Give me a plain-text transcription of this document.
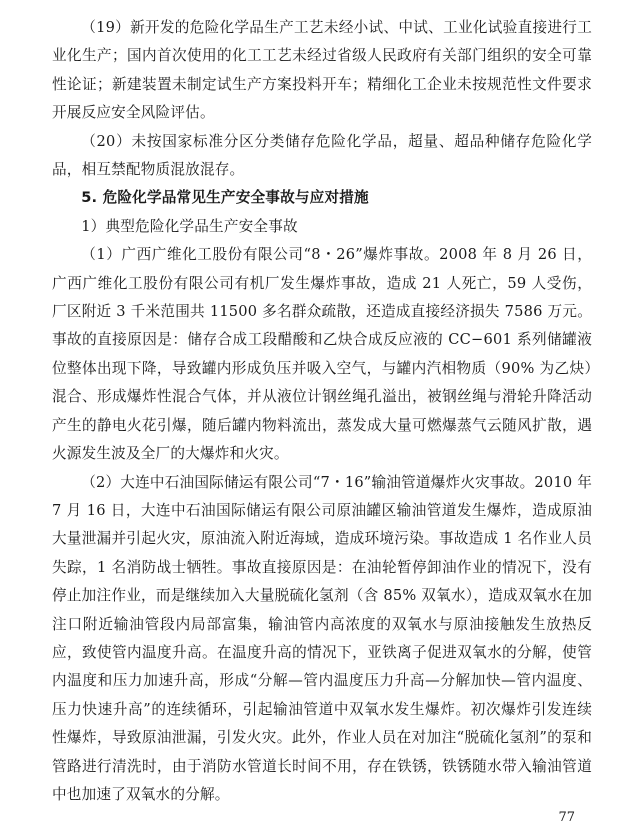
（19）新开发的危险化学品生产工艺未经小试、中试、工业化试验直接进行工业化生产；国内首次使用的化工工艺未经过省级人民政府有关部门组织的安全可靠性论证；新建装置未制定试生产方案投料开车；精细化工企业未按规范性文件要求开展反应安全风险评估。

（20）未按国家标准分区分类储存危险化学品，超量、超品种储存危险化学品，相互禁配物质混放混存。

5. 危险化学品常见生产安全事故与应对措施

1）典型危险化学品生产安全事故

（1）广西广维化工股份有限公司“8・26”爆炸事故。2008 年 8 月 26 日，广西广维化工股份有限公司有机厂发生爆炸事故，造成 21 人死亡，59 人受伤，厂区附近 3 千米范围共 11500 多名群众疏散，还造成直接经济损失 7586 万元。事故的直接原因是：储存合成工段醋酸和乙炔合成反应液的 CC−601 系列储罐液位整体出现下降，导致罐内形成负压并吸入空气，与罐内汽相物质（90% 为乙炔）混合、形成爆炸性混合气体，并从液位计钢丝绳孔溢出，被钢丝绳与滑轮升降活动产生的静电火花引爆，随后罐内物料流出，蒸发成大量可燃爆蒸气云随风扩散，遇火源发生波及全厂的大爆炸和火灾。

（2）大连中石油国际储运有限公司“7・16”输油管道爆炸火灾事故。2010 年 7 月 16 日，大连中石油国际储运有限公司原油罐区输油管道发生爆炸，造成原油大量泄漏并引起火灾，原油流入附近海域，造成环境污染。事故造成 1 名作业人员失踪，1 名消防战士牺牲。事故直接原因是：在油轮暂停卸油作业的情况下，没有停止加注作业，而是继续加入大量脱硫化氢剂（含 85% 双氧水），造成双氧水在加注口附近输油管段内局部富集，输油管内高浓度的双氧水与原油接触发生放热反应，致使管内温度升高。在温度升高的情况下，亚铁离子促进双氧水的分解，使管内温度和压力加速升高，形成“分解—管内温度压力升高—分解加快—管内温度、压力快速升高”的连续循环，引起输油管道中双氧水发生爆炸。初次爆炸引发连续性爆炸，导致原油泄漏，引发火灾。此外，作业人员在对加注“脱硫化氢剂”的泵和管路进行清洗时，由于消防水管道长时间不用，存在铁锈，铁锈随水带入输油管道中也加速了双氧水的分解。

77
